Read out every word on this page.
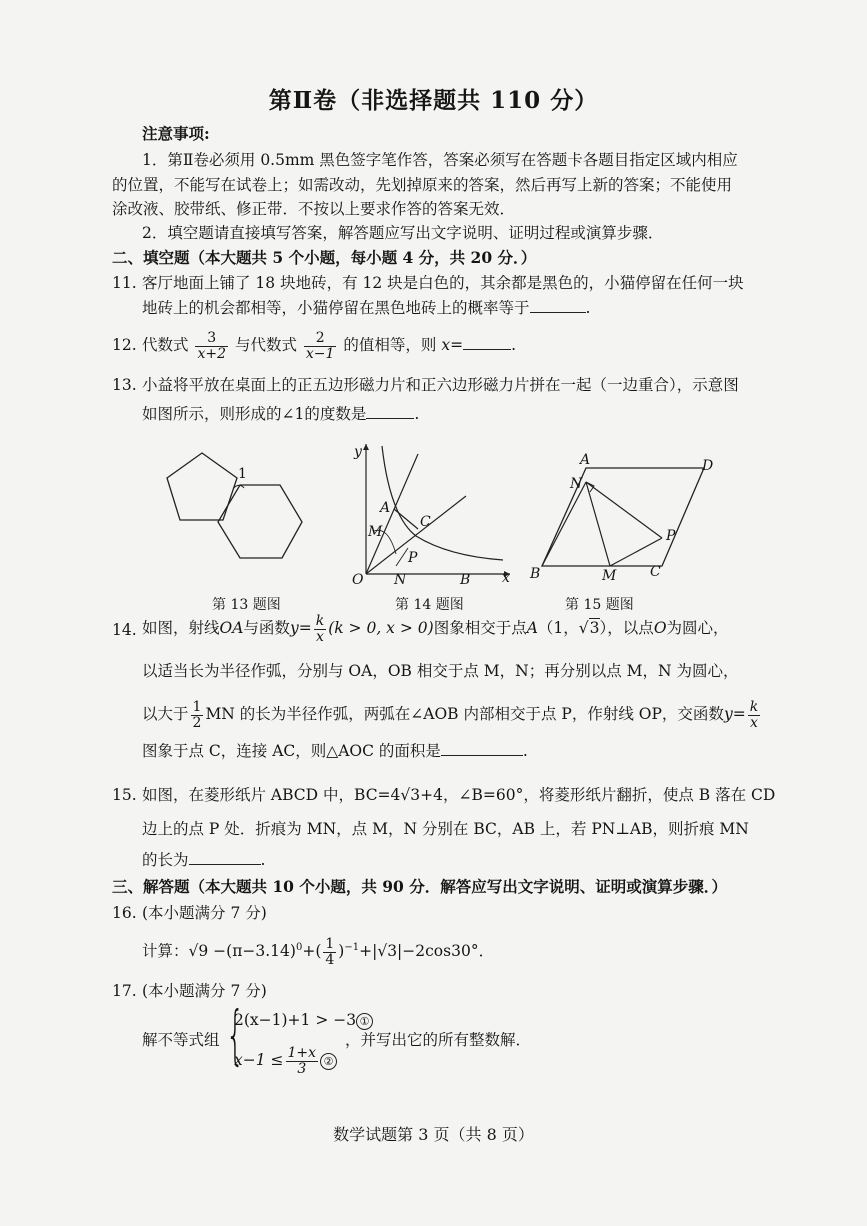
第Ⅱ卷（非选择题共 110 分）
注意事项:
1．第Ⅱ卷必须用 0.5mm 黑色签字笔作答，答案必须写在答题卡各题目指定区域内相应
的位置，不能写在试卷上；如需改动，先划掉原来的答案，然后再写上新的答案；不能使用
涂改液、胶带纸、修正带．不按以上要求作答的答案无效．
2．填空题请直接填写答案，解答题应写出文字说明、证明过程或演算步骤．
二、填空题（本大题共 5 个小题，每小题 4 分，共 20 分．）
11. 客厅地面上铺了 18 块地砖，有 12 块是白色的，其余都是黑色的，小猫停留在任何一块
地砖上的机会都相等，小猫停留在黑色地砖上的概率等于	.
12. 代数式 $\frac{3}{x+2}$ 与代数式 $\frac{2}{x-1}$ 的值相等，则 x=	.
13. 小益将平放在桌面上的正五边形磁力片和正六边形磁力片拼在一起（一边重合），示意图
如图所示，则形成的∠1的度数是	.
1
第 13 题图
y
x
O N	B
M
A
C
P
第 14 题图
A	D
N
P
B	M C
第 15 题图
14. 如图，射线OA与函数$y= \frac{k}{x} (k > 0$, x > 0)图象相交于点A（1，√3），以点O为圆心，
以适当长为半径作弧，分别与 OA，OB 相交于点 M，N；再分别以点 M，N 为圆心，
以大于 $\frac{1}{2}$ MN 的长为半径作弧，两弧在∠AOB 内部相交于点 P，作射线 OP，交函数$y= \frac{k}{x}$
图象于点 C，连接 AC，则△AOC 的面积是	.
15. 如图，在菱形纸片 ABCD 中，BC=4√3+4，∠B=60°，将菱形纸片翻折，使点 B 落在 CD
边上的点 P 处．折痕为 MN，点 M，N 分别在 BC，AB 上，若 PN⊥AB，则折痕 MN
的长为	.
三、解答题（本大题共 10 个小题，共 90 分．解答应写出文字说明、证明或演算步骤．）
16. (本小题满分 7 分)
计算：$√9 -(\pi-3.14)^0+( \frac{1}{4} )^{-1}+|√3|-2\cos 30^\circ$．
17. (本小题满分 7 分)
解不等式组 {
2(x−1)+1 > −3 ①
$x-1 \le \frac{1+x}{3}$ ②
，并写出它的所有整数解．
数学试题第 3 页（共 8 页）
